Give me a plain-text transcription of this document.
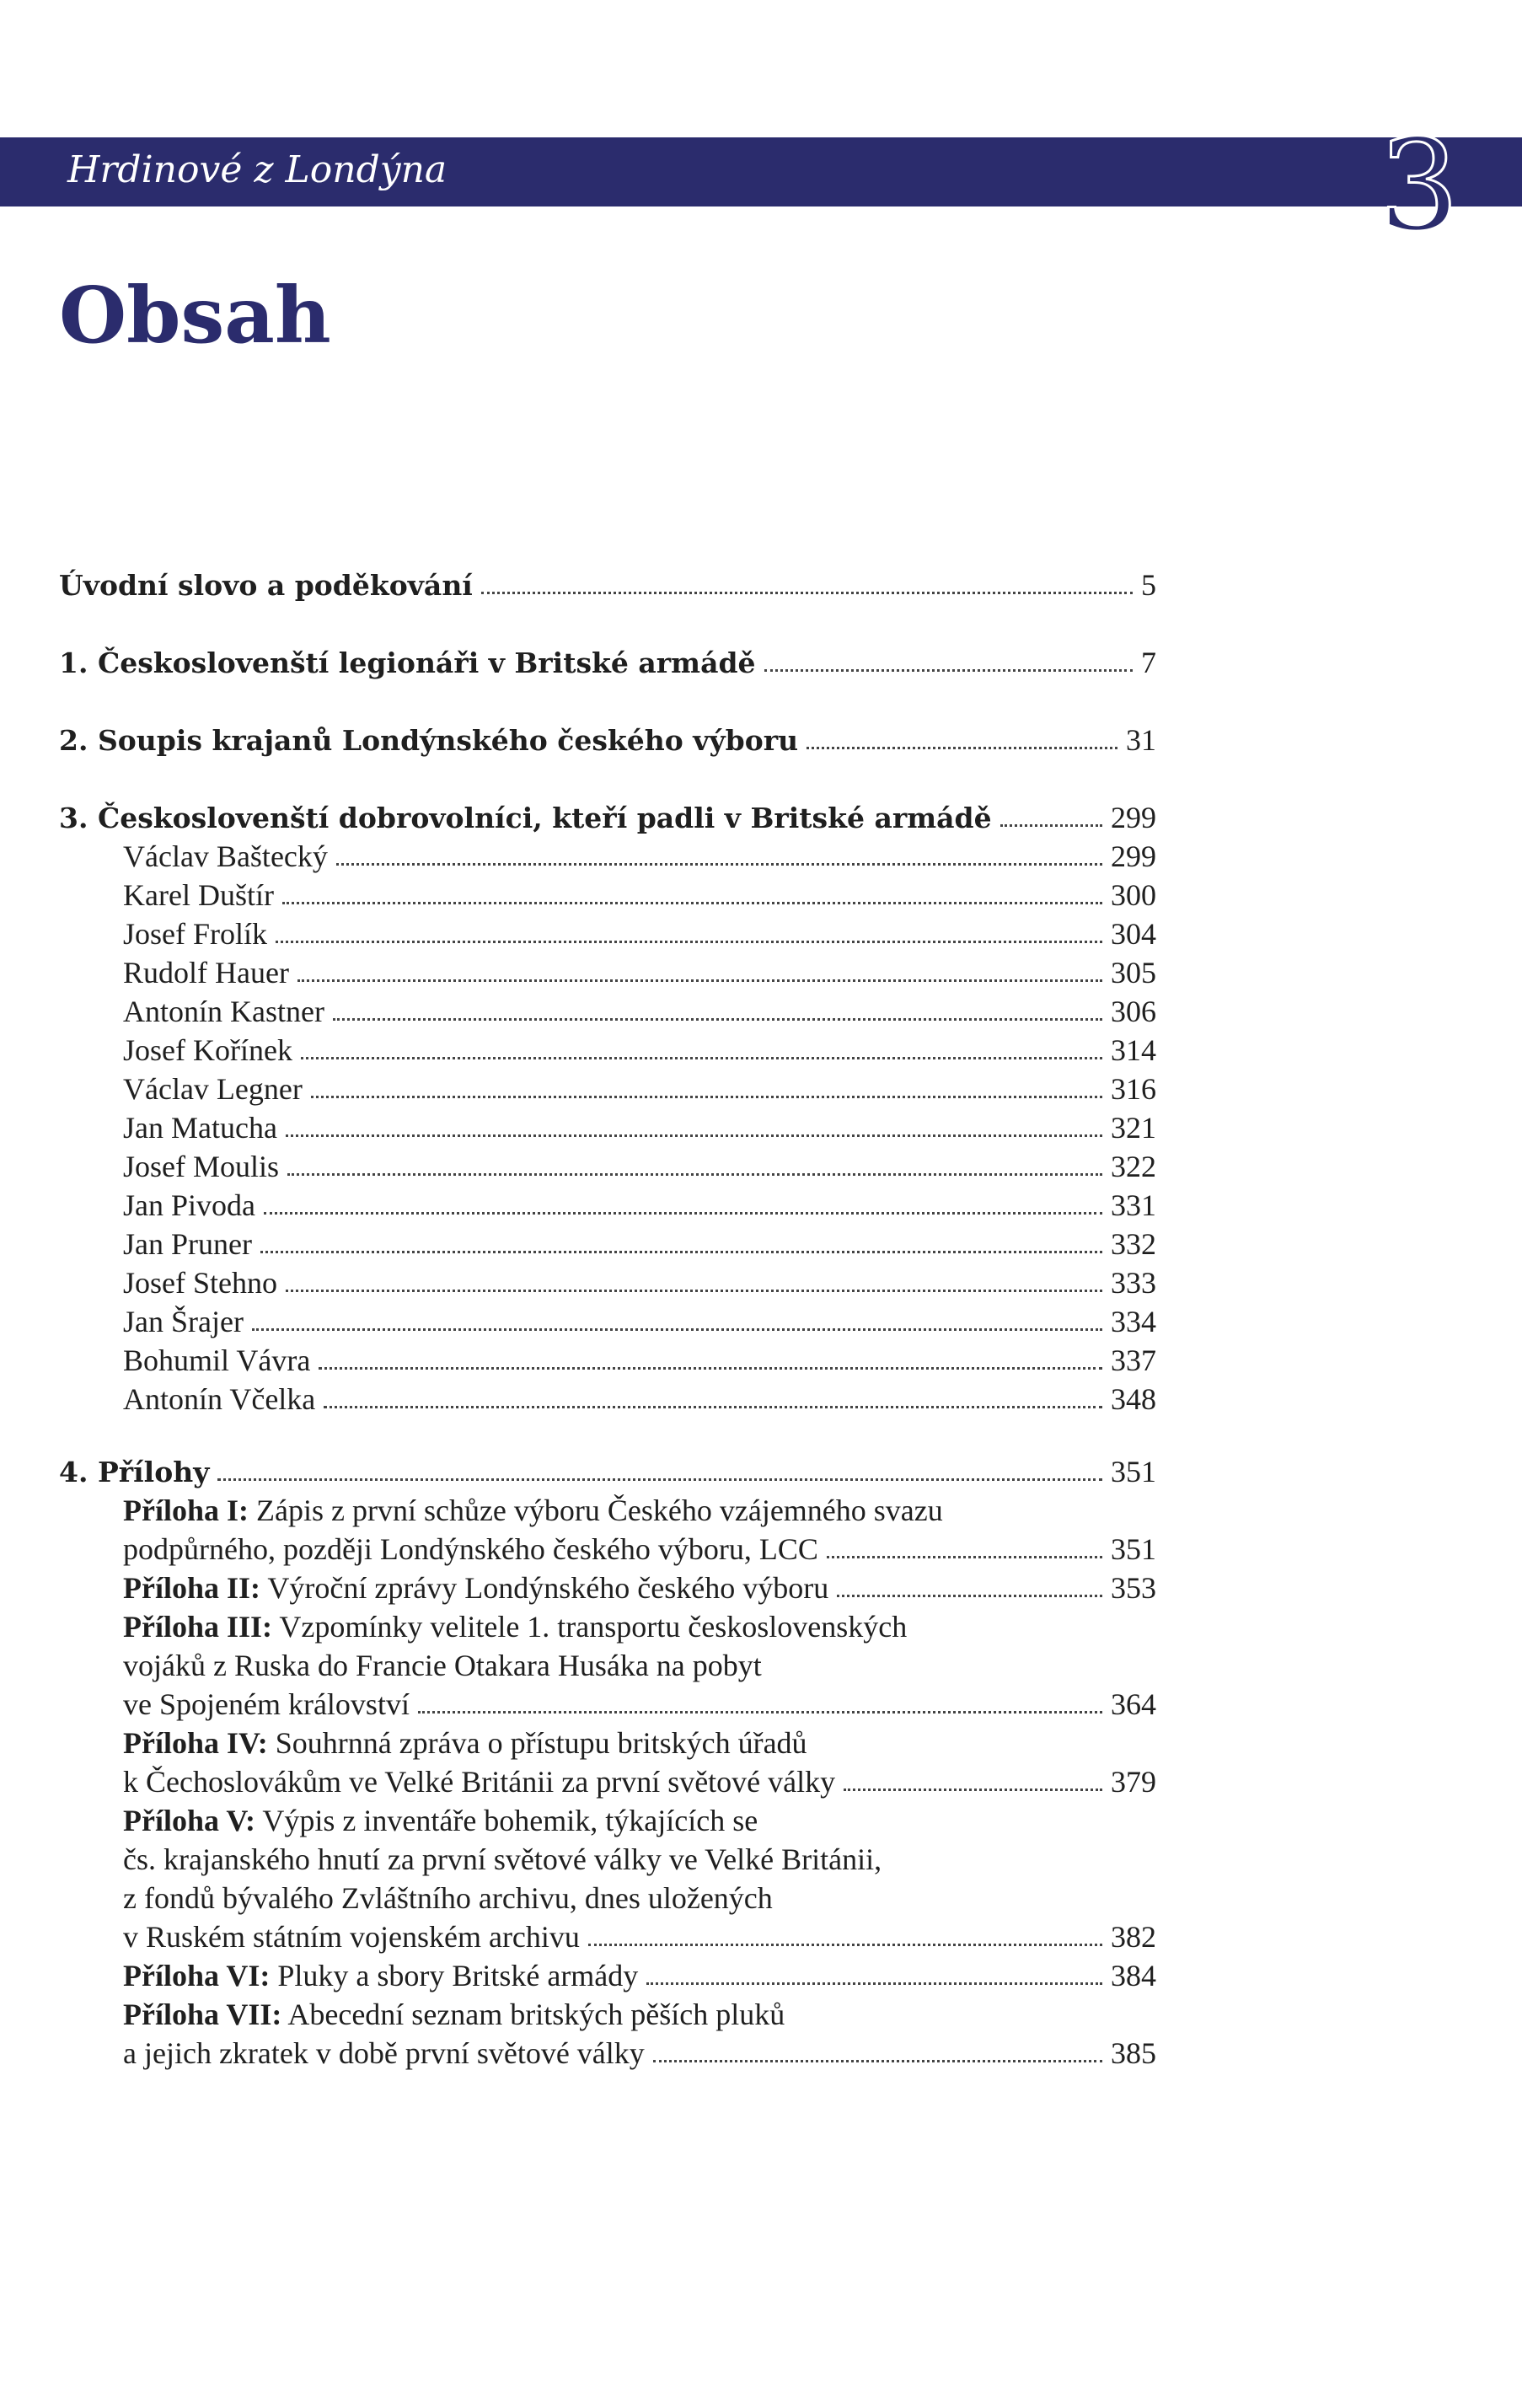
Hrdinové z Londýna	3
Obsah
Úvodní slovo a poděkování	5
1. Českoslovenští legionáři v Britské armádě	7
2. Soupis krajanů Londýnského českého výboru	31
3. Českoslovenští dobrovolníci, kteří padli v Britské armádě	299
Václav Baštecký	299
Karel Duštír	300
Josef Frolík	304
Rudolf Hauer	305
Antonín Kastner	306
Josef Kořínek	314
Václav Legner	316
Jan Matucha	321
Josef Moulis	322
Jan Pivoda	331
Jan Pruner	332
Josef Stehno	333
Jan Šrajer	334
Bohumil Vávra	337
Antonín Včelka	348
4. Přílohy	351
Příloha I: Zápis z první schůze výboru Českého vzájemného svazu
podpůrného, později Londýnského českého výboru, LCC	351
Příloha II: Výroční zprávy Londýnského českého výboru	353
Příloha III: Vzpomínky velitele 1. transportu československých
vojáků z Ruska do Francie Otakara Husáka na pobyt
ve Spojeném království	364
Příloha IV: Souhrnná zpráva o přístupu britských úřadů
k Čechoslovákům ve Velké Británii za první světové války	379
Příloha V: Výpis z inventáře bohemik, týkajících se
čs. krajanského hnutí za první světové války ve Velké Británii,
z fondů bývalého Zvláštního archivu, dnes uložených
v Ruském státním vojenském archivu	382
Příloha VI: Pluky a sbory Britské armády	384
Příloha VII: Abecední seznam britských pěších pluků
a jejich zkratek v době první světové války	385
